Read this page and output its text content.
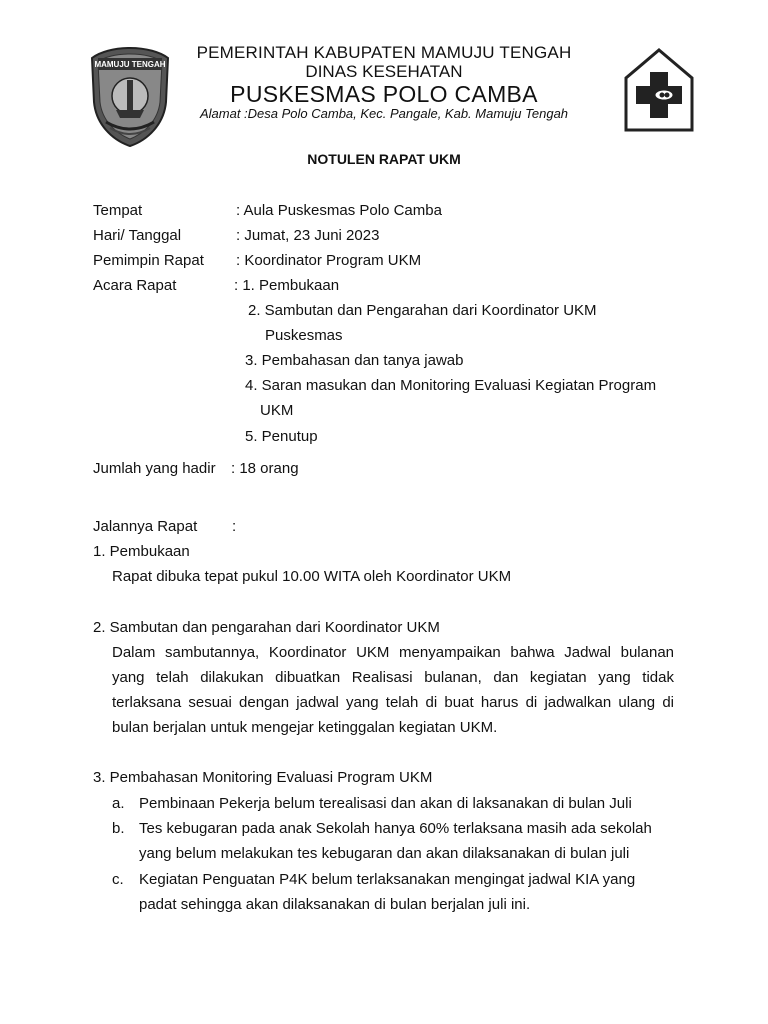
MAMUJU TENGAH
PEMERINTAH KABUPATEN MAMUJU TENGAH
DINAS KESEHATAN
PUSKESMAS POLO CAMBA
Alamat :Desa Polo Camba, Kec. Pangale, Kab. Mamuju Tengah
NOTULEN RAPAT UKM
Tempat	: Aula Puskesmas Polo Camba
Hari/ Tanggal	: Jumat, 23 Juni 2023
Pemimpin Rapat : Koordinator Program UKM
Acara Rapat	: 1. Pembukaan
2. Sambutan dan Pengarahan dari Koordinator UKM
Puskesmas
3. Pembahasan dan tanya jawab
4. Saran masukan dan Monitoring Evaluasi Kegiatan Program
UKM
5. Penutup
Jumlah yang hadir : 18 orang
Jalannya Rapat :
1. Pembukaan
Rapat dibuka tepat pukul 10.00 WITA oleh Koordinator UKM
2. Sambutan dan pengarahan dari Koordinator UKM
Dalam sambutannya, Koordinator UKM menyampaikan bahwa Jadwal bulanan
yang telah dilakukan dibuatkan Realisasi bulanan, dan kegiatan yang tidak
terlaksana sesuai dengan jadwal yang telah di buat harus di jadwalkan ulang di
bulan berjalan untuk mengejar ketinggalan kegiatan UKM.
3. Pembahasan Monitoring Evaluasi Program UKM
a. Pembinaan Pekerja belum terealisasi dan akan di laksanakan di bulan Juli
b. Tes kebugaran pada anak Sekolah hanya 60% terlaksana masih ada sekolah
yang belum melakukan tes kebugaran dan akan dilaksanakan di bulan juli
c. Kegiatan Penguatan P4K belum terlaksanakan mengingat jadwal KIA yang
padat sehingga akan dilaksanakan di bulan berjalan juli ini.
